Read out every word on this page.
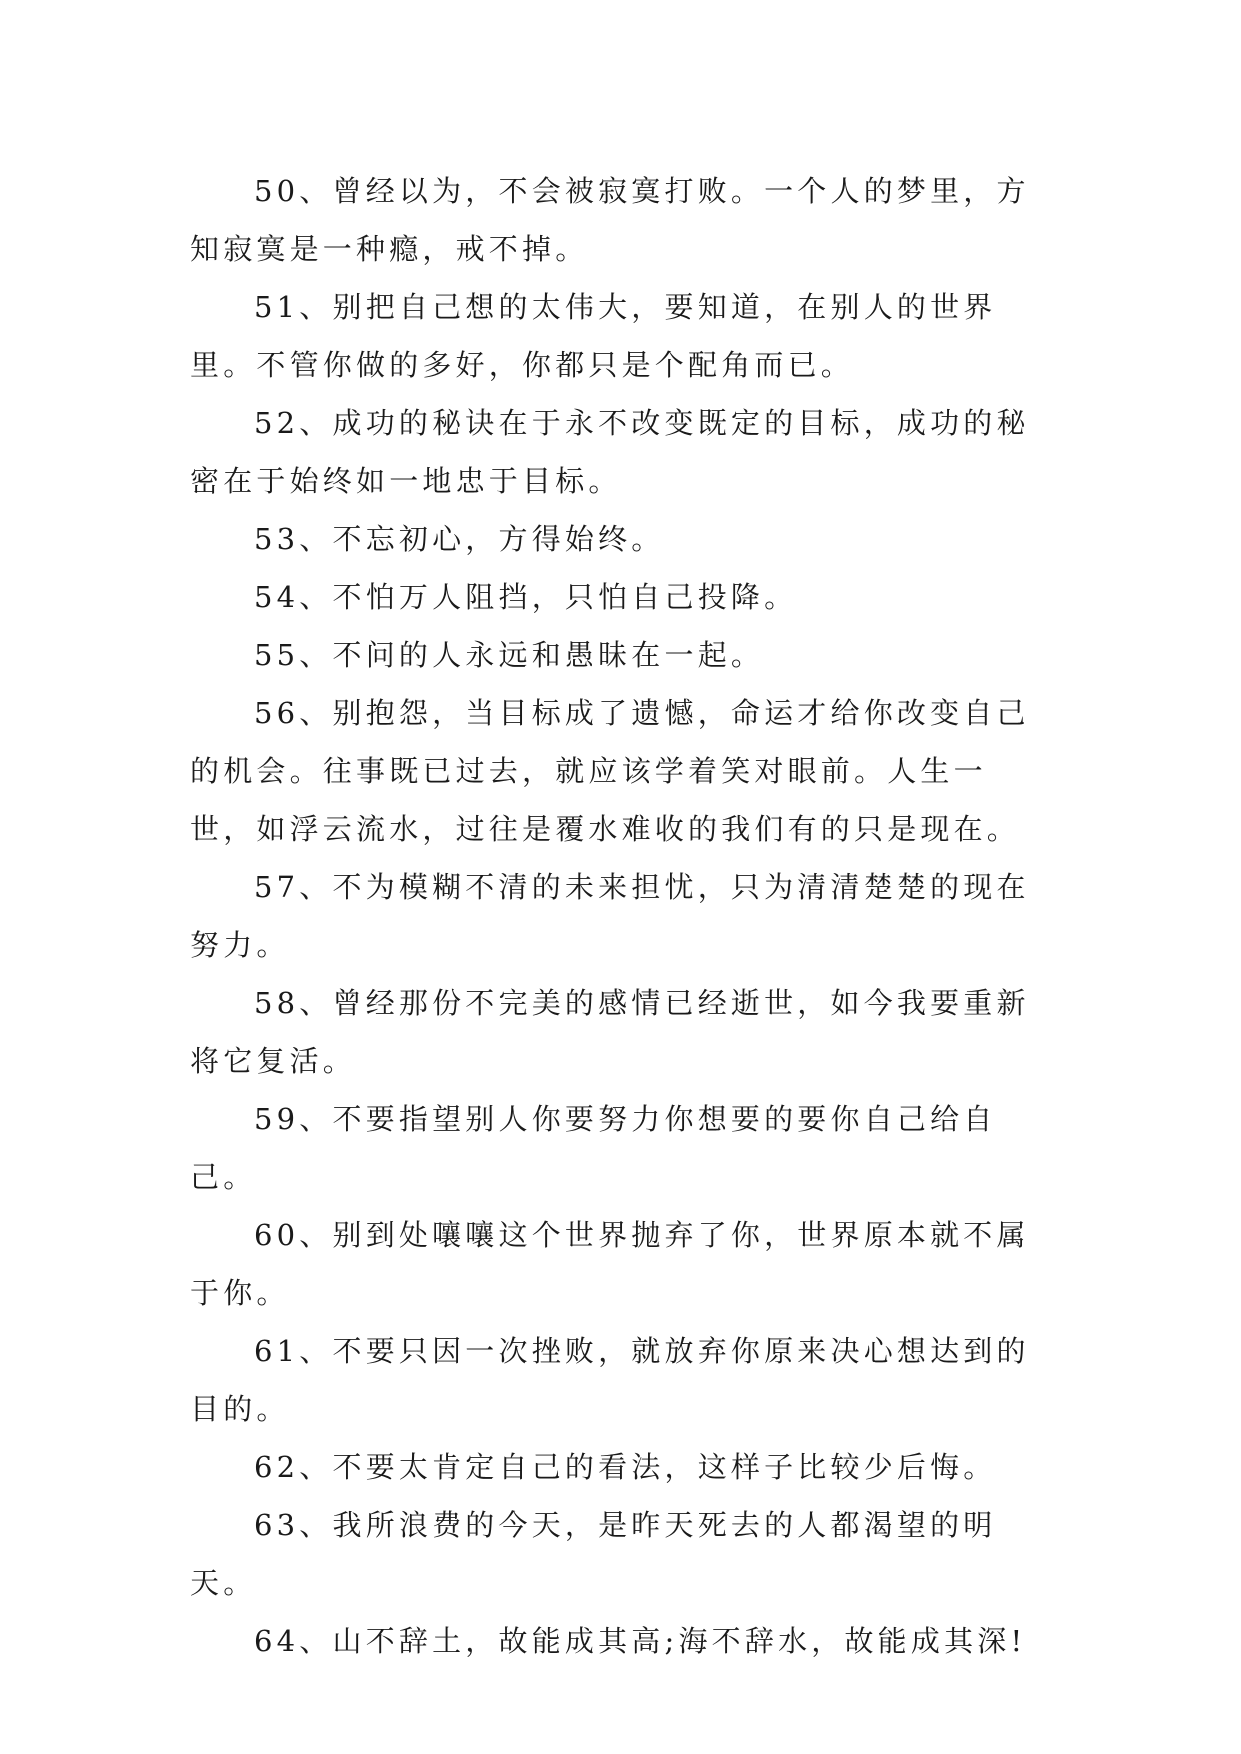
50、曾经以为，不会被寂寞打败。一个人的梦里，方知寂寞是一种瘾，戒不掉。

51、别把自己想的太伟大，要知道，在别人的世界里。不管你做的多好，你都只是个配角而已。

52、成功的秘诀在于永不改变既定的目标，成功的秘密在于始终如一地忠于目标。

53、不忘初心，方得始终。

54、不怕万人阻挡，只怕自己投降。

55、不问的人永远和愚昧在一起。

56、别抱怨，当目标成了遗憾，命运才给你改变自己的机会。往事既已过去，就应该学着笑对眼前。人生一世，如浮云流水，过往是覆水难收的我们有的只是现在。

57、不为模糊不清的未来担忧，只为清清楚楚的现在努力。

58、曾经那份不完美的感情已经逝世，如今我要重新将它复活。

59、不要指望别人你要努力你想要的要你自己给自己。

60、别到处嚷嚷这个世界抛弃了你，世界原本就不属于你。

61、不要只因一次挫败，就放弃你原来决心想达到的目的。

62、不要太肯定自己的看法，这样子比较少后悔。

63、我所浪费的今天，是昨天死去的人都渴望的明天。

64、山不辞土，故能成其高;海不辞水，故能成其深!
